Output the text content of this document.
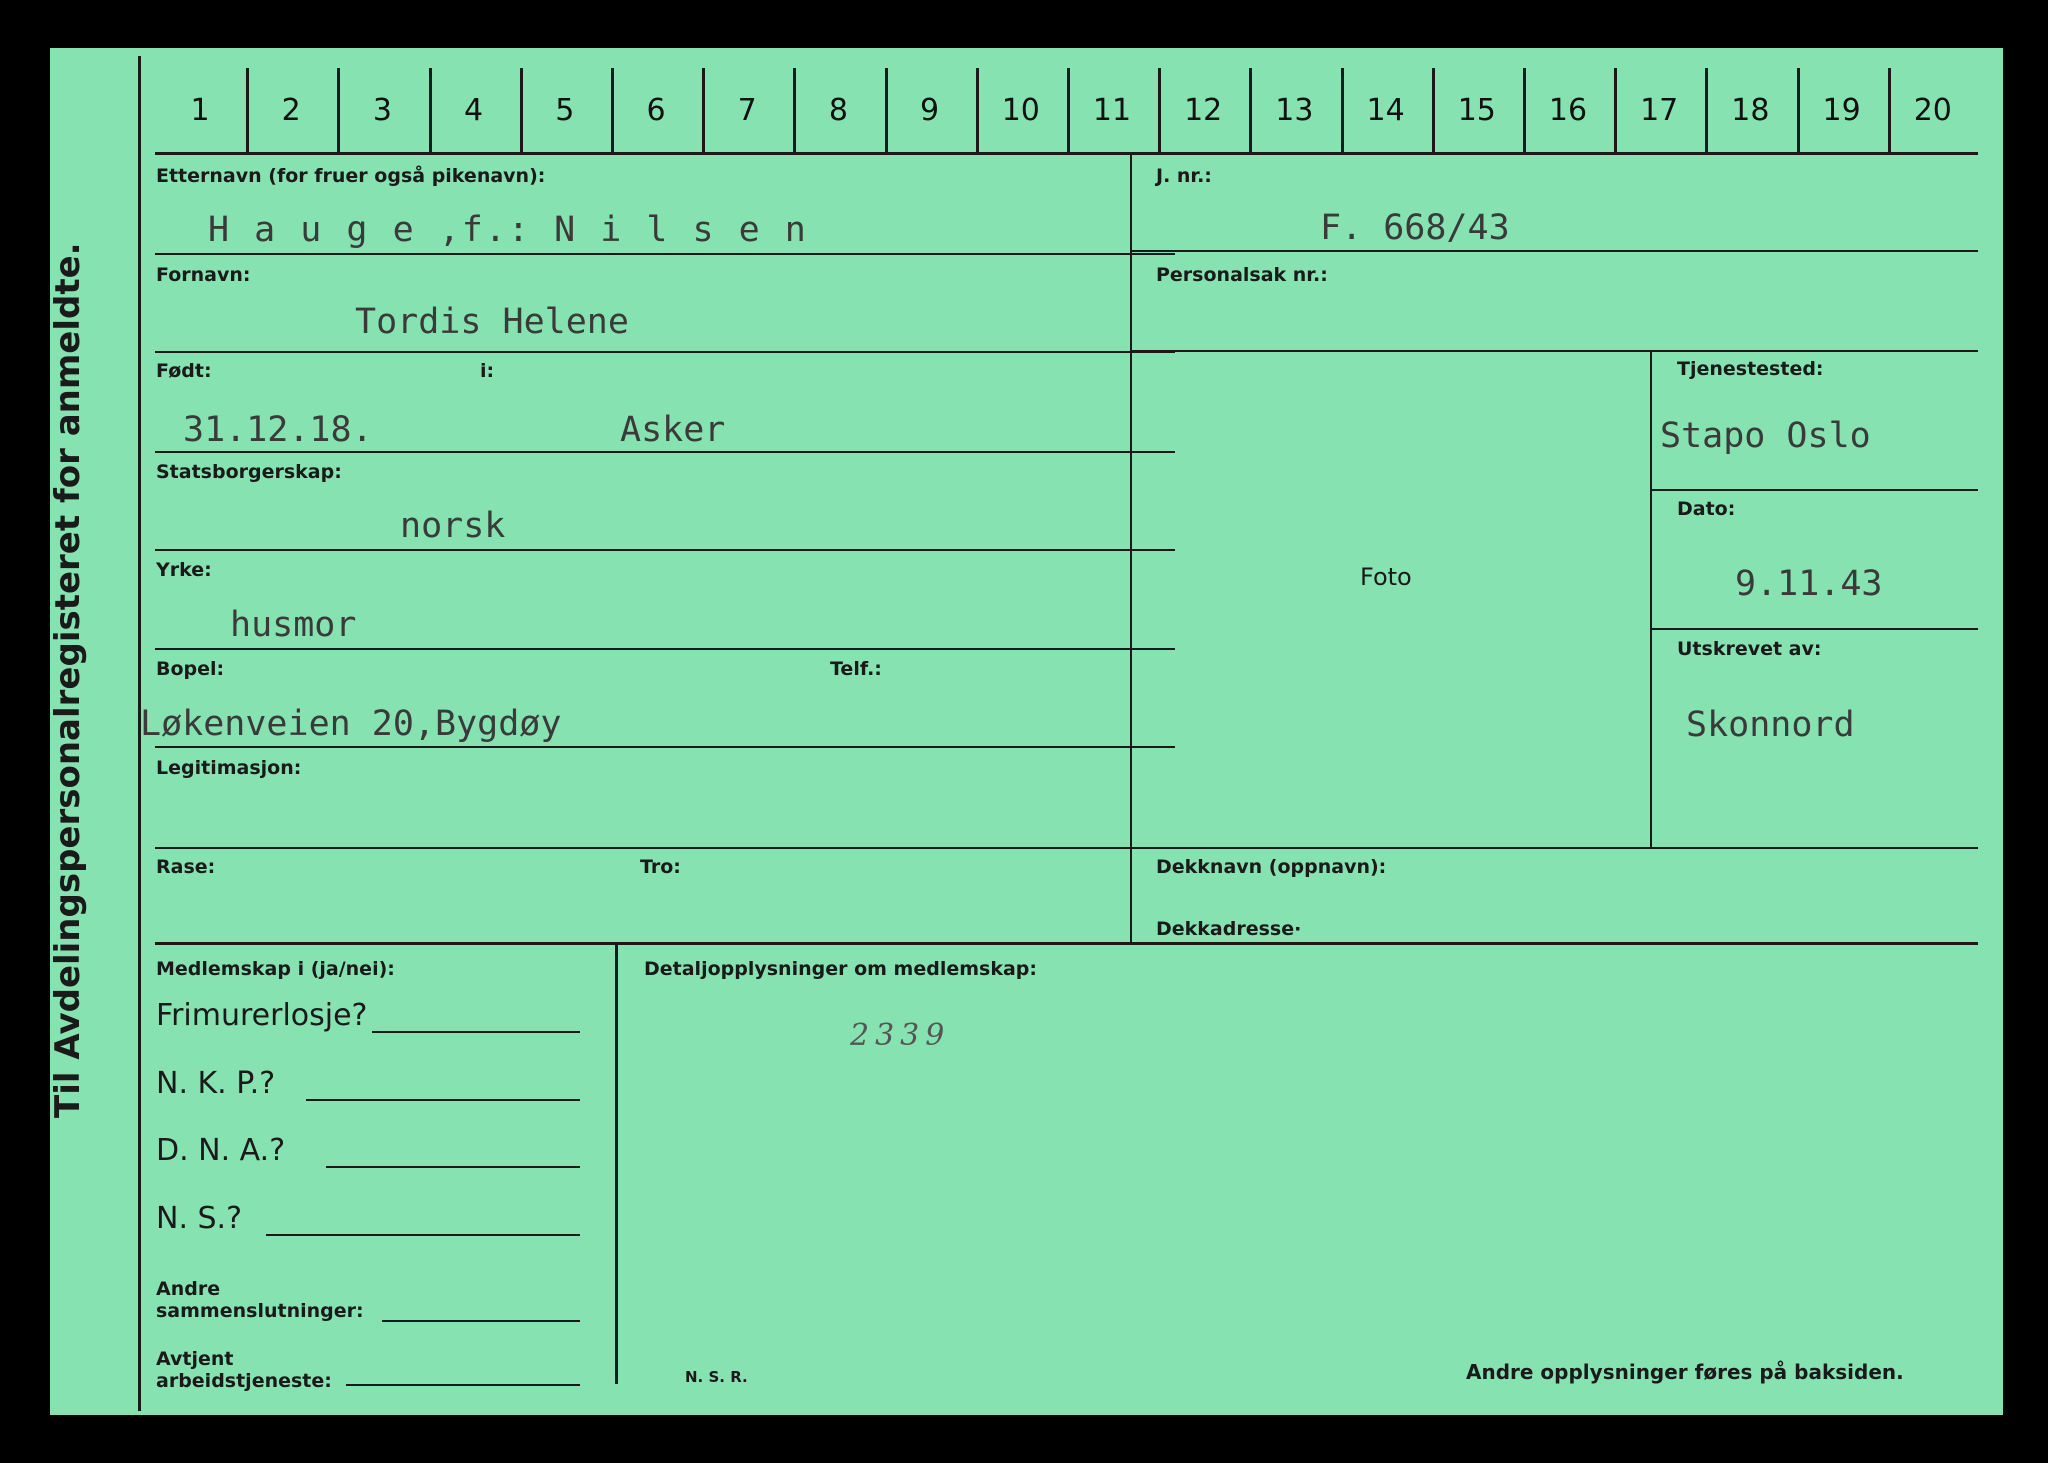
Til Avdelingspersonalregisteret for anmeldte.
1	2	3	4	5	6	7	8	9	10	11	12	13	14	15	16	17	18	19	20
Etternavn (for fruer også pikenavn):
H a u g e ,f.: N i l s e n
Fornavn:
Tordis Helene
Født:	i:
31.12.18.	Asker
Statsborgerskap:
norsk
Yrke:
husmor
Bopel:	Telf.:
Løkenveien 20,Bygdøy
Legitimasjon:
Rase:	Tro:
J. nr.:
F. 668/43
Personalsak nr.:
Foto
Tjenestested:
Stapo Oslo
Dato:
9.11.43
Utskrevet av:
Skonnord
Dekknavn (oppnavn):
Dekkadresse·
Medlemskap i (ja/nei):	Detaljopplysninger om medlemskap:
2339
Frimurerlosje?
N. K. P.?
D. N. A.?
N. S.?
Andre
sammenslutninger:
Avtjent
arbeidstjeneste:	N. S. R.	Andre opplysninger føres på baksiden.
